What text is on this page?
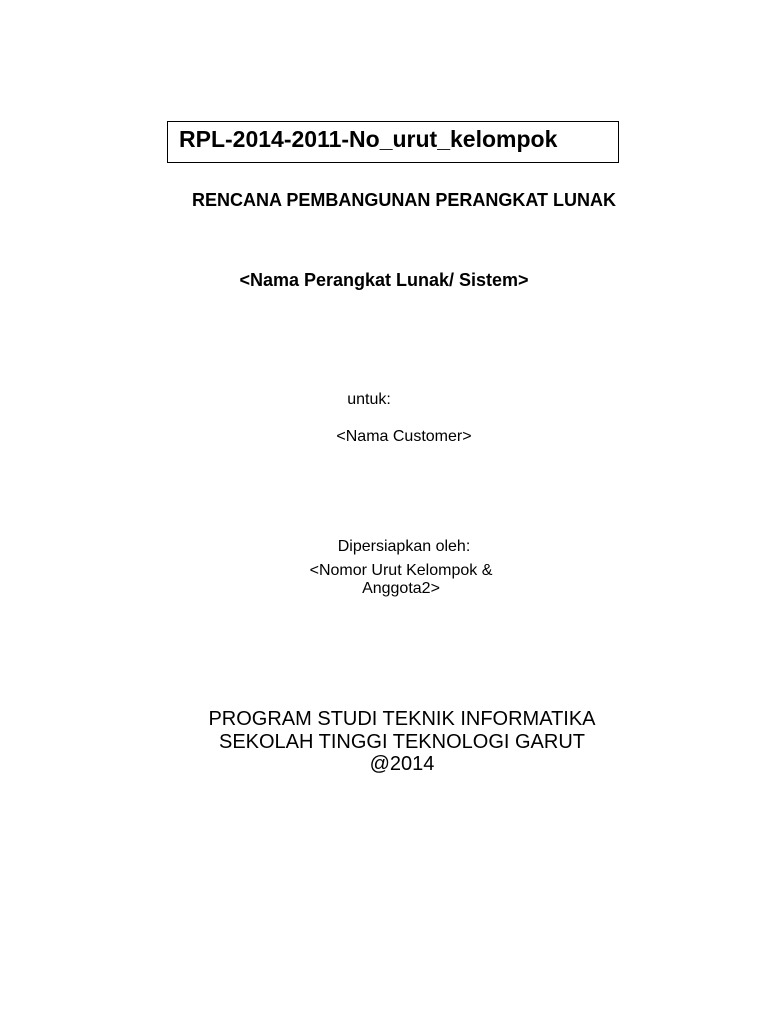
RPL-2014-2011-No_urut_kelompok
RENCANA PEMBANGUNAN PERANGKAT LUNAK
<Nama Perangkat Lunak/ Sistem>
untuk:
<Nama Customer>
Dipersiapkan oleh:
<Nomor Urut Kelompok &
Anggota2>
PROGRAM STUDI TEKNIK INFORMATIKA
SEKOLAH TINGGI TEKNOLOGI GARUT
@2014
